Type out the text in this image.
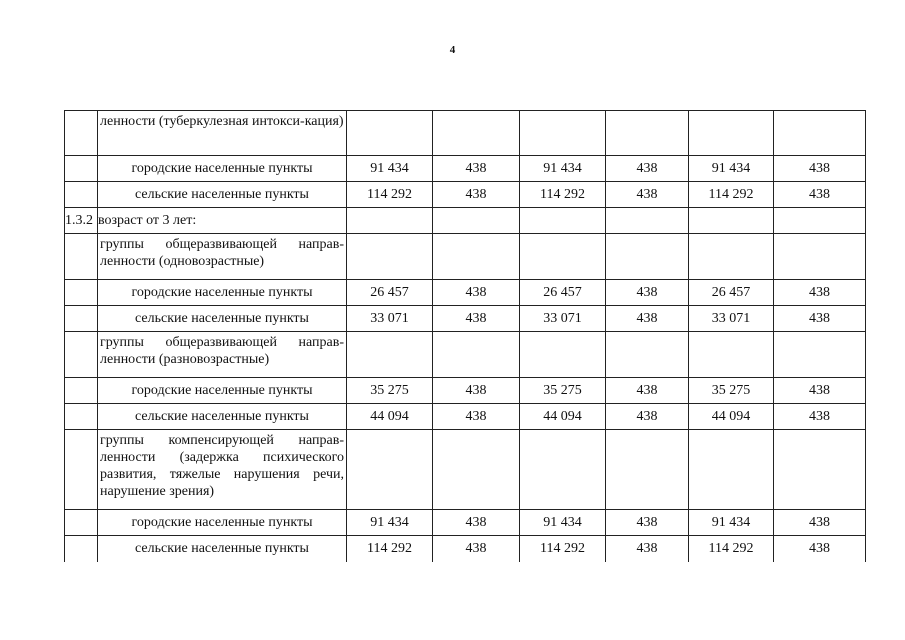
4
	ленности (туберкулезная интокси-кация)						
	городские населенные пункты	91 434	438	91 434	438	91 434	438
	сельские населенные пункты	114 292	438	114 292	438	114 292	438
1.3.2	возраст от 3 лет:						
	группы общеразвивающей направ-ленности (одновозрастные)						
	городские населенные пункты	26 457	438	26 457	438	26 457	438
	сельские населенные пункты	33 071	438	33 071	438	33 071	438
	группы общеразвивающей направ-ленности (разновозрастные)						
	городские населенные пункты	35 275	438	35 275	438	35 275	438
	сельские населенные пункты	44 094	438	44 094	438	44 094	438
	группы компенсирующей направ-ленности (задержка психического развития, тяжелые нарушения речи, нарушение зрения)						
	городские населенные пункты	91 434	438	91 434	438	91 434	438
	сельские населенные пункты	114 292	438	114 292	438	114 292	438
